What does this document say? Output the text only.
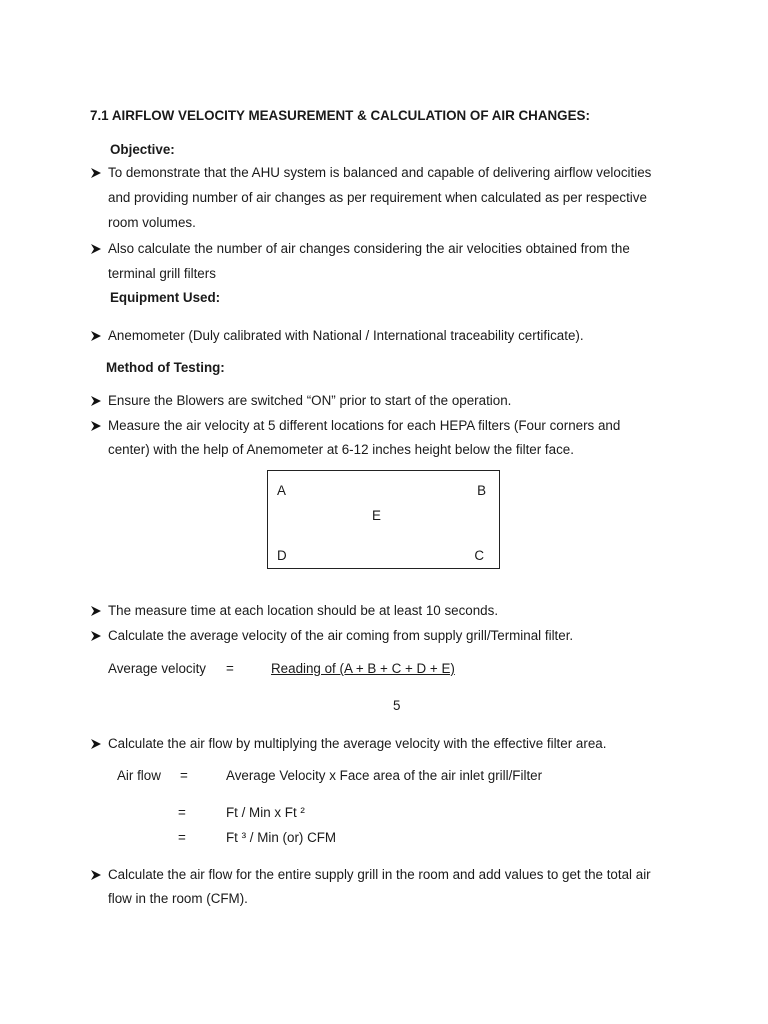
7.1 AIRFLOW VELOCITY MEASUREMENT & CALCULATION OF AIR CHANGES:
Objective:
To demonstrate that the AHU system is balanced and capable of delivering airflow velocities
and providing number of air changes as per requirement when calculated as per respective
room volumes.
Also calculate the number of air changes considering the air velocities obtained from the
terminal grill filters
Equipment Used:
Anemometer (Duly calibrated with National / International traceability certificate).
Method of Testing:
Ensure the Blowers are switched “ON” prior to start of the operation.
Measure the air velocity at 5 different locations for each HEPA filters (Four corners and
center) with the help of Anemometer at 6-12 inches height below the filter face.
A	B
E
D	C
The measure time at each location should be at least 10 seconds.
Calculate the average velocity of the air coming from supply grill/Terminal filter.
Average velocity =	Reading of (A + B + C + D + E)
5
Calculate the air flow by multiplying the average velocity with the effective filter area.
Air flow =	Average Velocity x Face area of the air inlet grill/Filter
=	Ft / Min x Ft ²
=	Ft ³ / Min (or) CFM
Calculate the air flow for the entire supply grill in the room and add values to get the total air
flow in the room (CFM).
